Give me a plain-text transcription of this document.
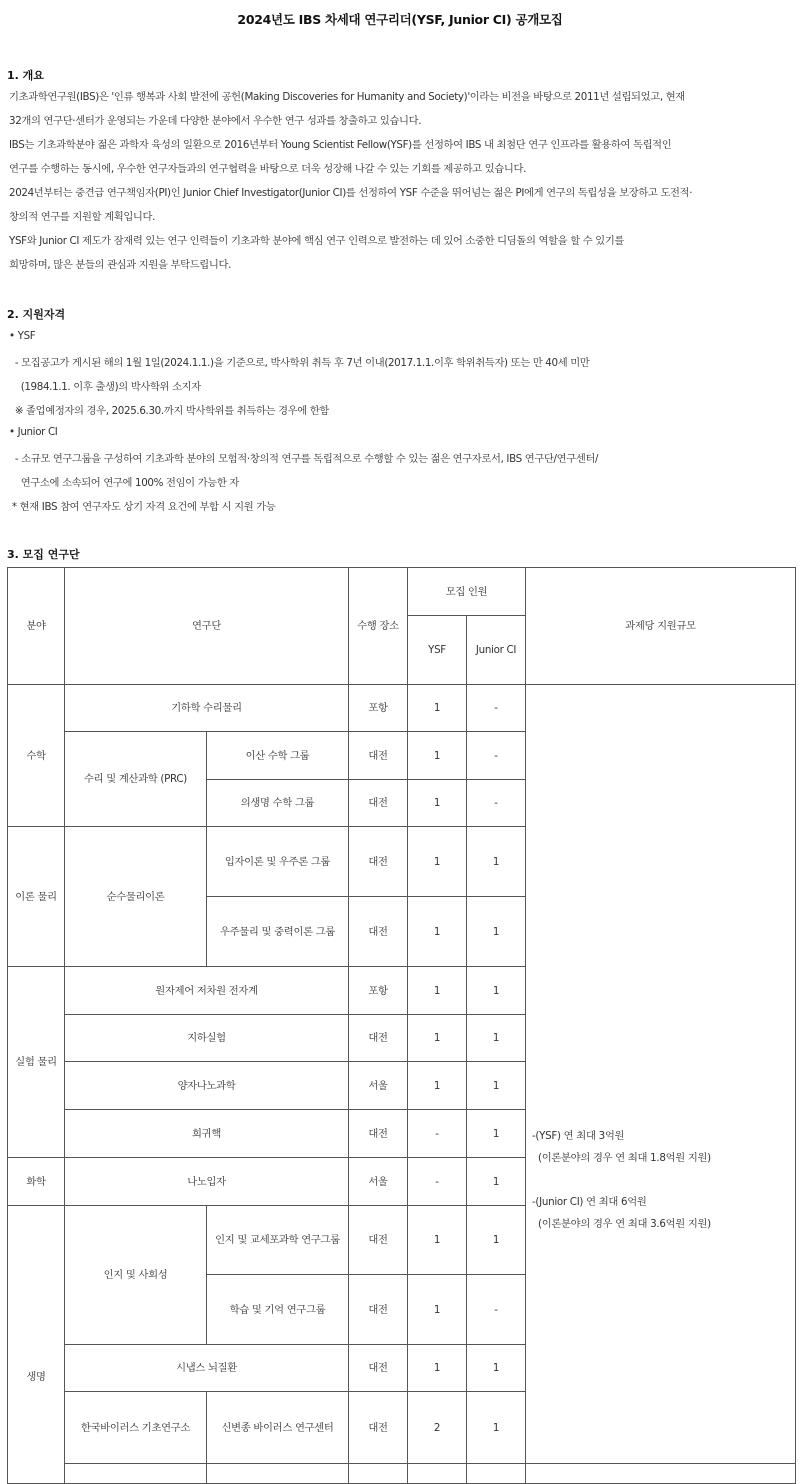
2024년도 IBS 차세대 연구리더(YSF, Junior CI) 공개모집
1. 개요
기초과학연구원(IBS)은 '인류 행복과 사회 발전에 공헌(Making Discoveries for Humanity and Society)'이라는 비전을 바탕으로 2011년 설립되었고, 현재
32개의 연구단·센터가 운영되는 가운데 다양한 분야에서 우수한 연구 성과를 창출하고 있습니다.
IBS는 기초과학분야 젊은 과학자 육성의 일환으로 2016년부터 Young Scientist Fellow(YSF)를 선정하여 IBS 내 최첨단 연구 인프라를 활용하여 독립적인
연구를 수행하는 동시에, 우수한 연구자들과의 연구협력을 바탕으로 더욱 성장해 나갈 수 있는 기회를 제공하고 있습니다.
2024년부터는 중견급 연구책임자(PI)인 Junior Chief Investigator(Junior CI)를 선정하여 YSF 수준을 뛰어넘는 젊은 PI에게 연구의 독립성을 보장하고 도전적·
창의적 연구를 지원할 계획입니다.
YSF와 Junior CI 제도가 잠재력 있는 연구 인력들이 기초과학 분야에 핵심 연구 인력으로 발전하는 데 있어 소중한 디딤돌의 역할을 할 수 있기를
희망하며, 많은 분들의 관심과 지원을 부탁드립니다.
2. 지원자격
• YSF
- 모집공고가 게시된 해의 1월 1일(2024.1.1.)을 기준으로, 박사학위 취득 후 7년 이내(2017.1.1.이후 학위취득자) 또는 만 40세 미만
(1984.1.1. 이후 출생)의 박사학위 소지자
※ 졸업예정자의 경우, 2025.6.30.까지 박사학위를 취득하는 경우에 한함
• Junior CI
- 소규모 연구그룹을 구성하여 기초과학 분야의 모험적·창의적 연구를 독립적으로 수행할 수 있는 젊은 연구자로서, IBS 연구단/연구센터/
연구소에 소속되어 연구에 100% 전임이 가능한 자
* 현재 IBS 참여 연구자도 상기 자격 요건에 부합 시 지원 가능
3. 모집 연구단
분야	연구단		수행 장소	모집 인원		과제당 지원규모
				YSF	Junior CI	
수학	기하학 수리물리		포항	1	-	-(YSF) 연 최대 3억원
(이론분야의 경우 연 최대 1.8억원 지원)
-(Junior CI) 연 최대 6억원
(이론분야의 경우 연 최대 3.6억원 지원)

	수리 및 계산과학 (PRC)	이산 수학 그룹	대전	1	-	
		의생명 수학 그룹	대전	1	-	
이론 물리	순수물리이론	입자이론 및 우주론 그룹	대전	1	1	
		우주물리 및 중력이론 그룹	대전	1	1	
실험 물리	원자제어 저차원 전자계		포항	1	1	
	지하실험		대전	1	1	
	양자나노과학		서울	1	1	
	희귀핵		대전	-	1	
화학	나노입자		서울	-	1	
생명	인지 및 사회성	인지 및 교세포과학 연구그룹	대전	1	1	
		학습 및 기억 연구그룹	대전	1	-	
	시냅스 뇌질환		대전	1	1	
	한국바이러스 기초연구소	신변종 바이러스 연구센터	대전	2	1	
